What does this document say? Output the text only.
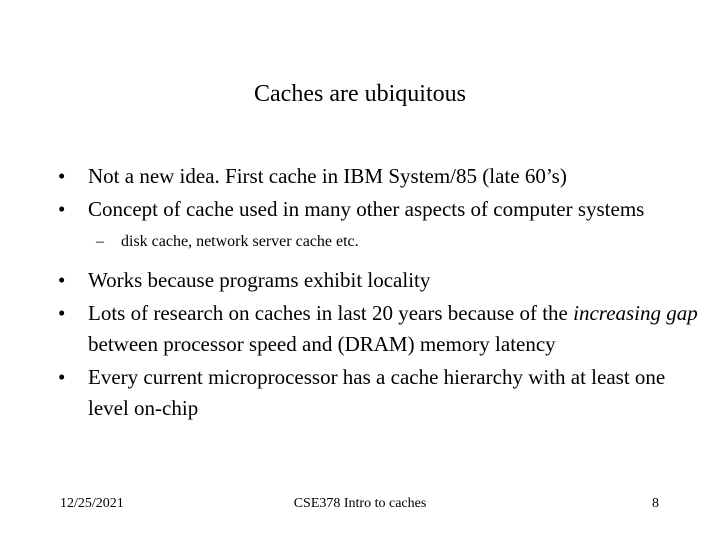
Caches are ubiquitous
•	Not a new idea. First cache in IBM System/85 (late 60’s)
•	Concept of cache used in many other aspects of computer systems
– disk cache, network server cache etc.
•	Works because programs exhibit locality
•	Lots of research on caches in last 20 years because of the increasing gap between processor speed and (DRAM) memory latency
•	Every current microprocessor has a cache hierarchy with at least one level on-chip
12/25/2021	CSE378 Intro to caches	8
